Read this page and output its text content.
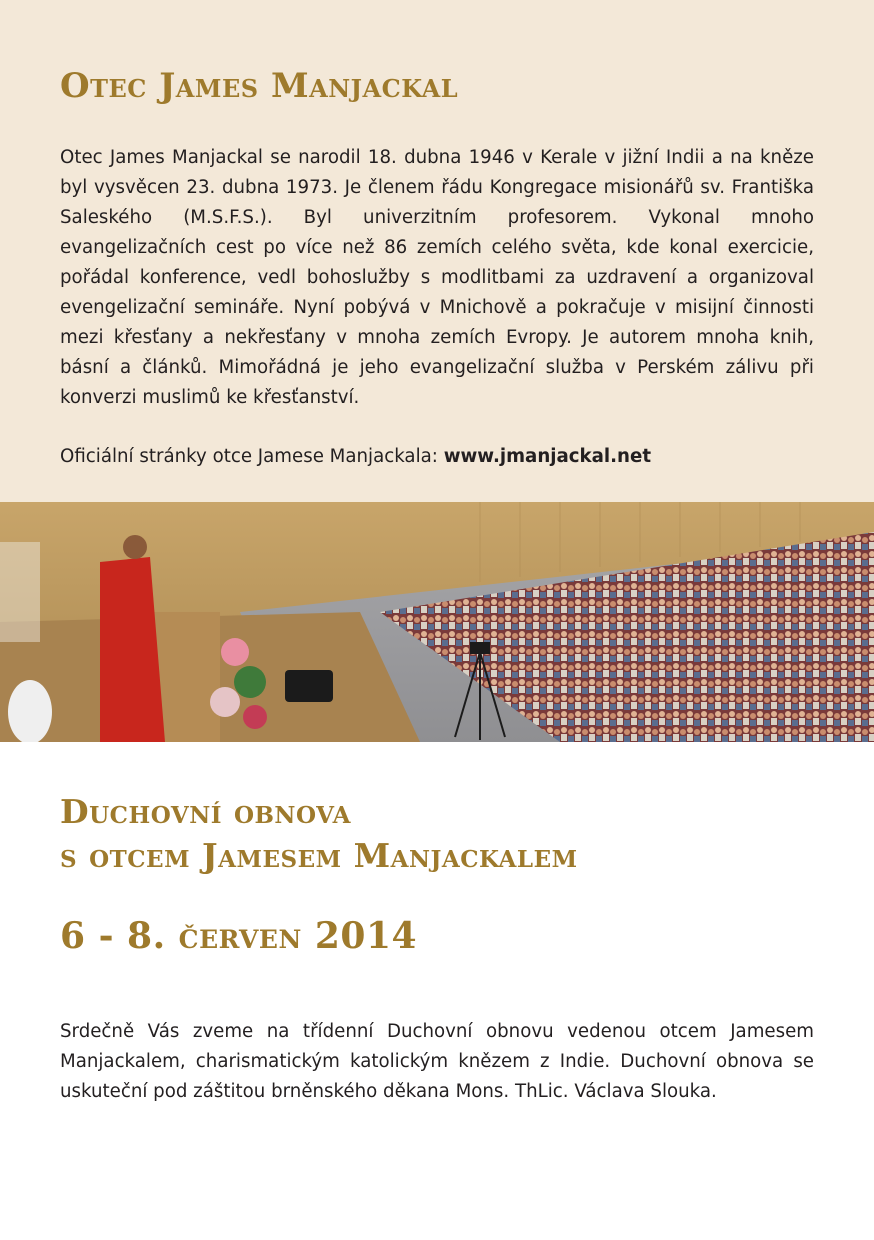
Otec James Manjackal

Otec James Manjackal se narodil 18. dubna 1946 v Kerale v jižní Indii a na kněze byl vysvěcen 23. dubna 1973. Je členem řádu Kongregace misionářů sv. Františka Saleského (M.S.F.S.). Byl univerzitním profesorem. Vykonal mnoho evangelizačních cest po více než 86 zemích celého světa, kde konal exercicie, pořádal konference, vedl bohoslužby s modlitbami za uzdravení a organizoval evengelizační semináře. Nyní pobývá v Mnichově a pokračuje v misijní činnosti mezi křesťany a nekřesťany v mnoha zemích Evropy. Je autorem mnoha knih, básní a článků. Mimořádná je jeho evangelizační služba v Perském zálivu při konverzi muslimů ke křesťanství.

Oficiální stránky otce Jamese Manjackala: www.jmanjackal.net

Duchovní obnova
s otcem Jamesem Manjackalem
6 - 8. červen 2014

Srdečně Vás zveme na třídenní Duchovní obnovu vedenou otcem Jamesem Manjackalem, charismatickým katolickým knězem z Indie. Duchovní obnova se uskuteční pod záštitou brněnského děkana Mons. ThLic. Václava Slouka.
